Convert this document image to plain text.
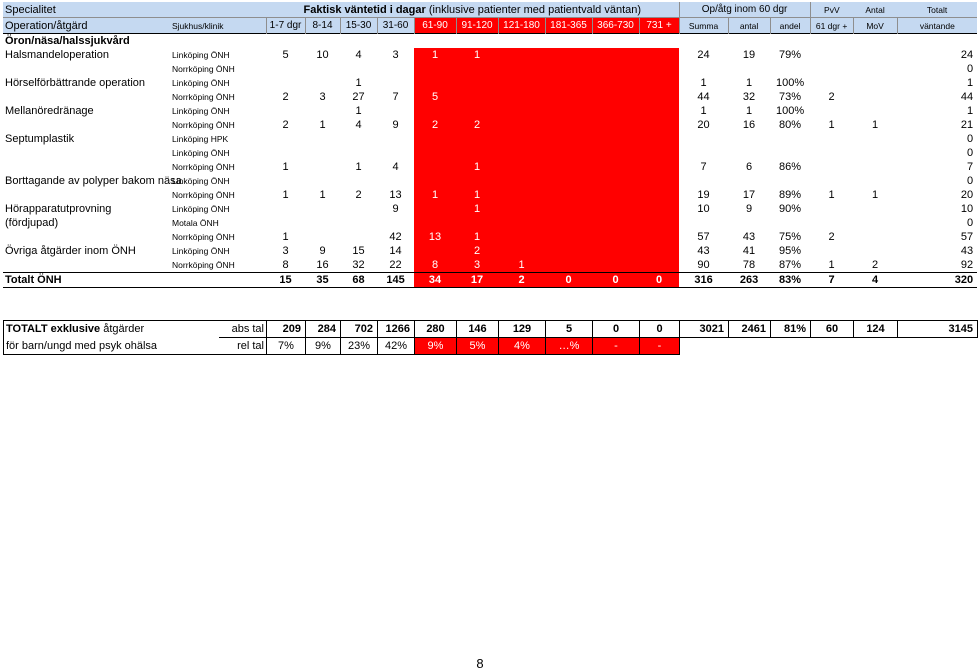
Specialitet		Faktisk väntetid i dagar (inklusive patienter med patientvald väntan)										Op/åtg inom 60 dgr			PvV	Antal	Totalt
Operation/åtgärd	Sjukhus/klinik	1-7 dgr	8-14	15-30	31-60	61-90	91-120	121-180	181-365	366-730	731 +	Summa	antal	andel	61 dgr +	MoV	väntande
Öron/näsa/halssjukvård																	
Halsmandeloperation	Linköping ÖNH	5	10	4	3	1	1					24	19	79%			24
	Norrköping ÖNH																0
Hörselförbättrande operation	Linköping ÖNH			1								1	1	100%			1
	Norrköping ÖNH	2	3	27	7	5						44	32	73%	2		44
Mellanöredränage	Linköping ÖNH			1								1	1	100%			1
	Norrköping ÖNH	2	1	4	9	2	2					20	16	80%	1	1	21
Septumplastik	Linköping HPK																0
	Linköping ÖNH																0
	Norrköping ÖNH	1		1	4		1					7	6	86%			7
Borttagande av polyper bakom näsa	Linköping ÖNH																0
	Norrköping ÖNH	1	1	2	13	1	1					19	17	89%	1	1	20
Hörapparatutprovning	Linköping ÖNH				9		1					10	9	90%			10
(fördjupad)	Motala ÖNH																0
	Norrköping ÖNH	1			42	13	1					57	43	75%	2		57
Övriga åtgärder inom ÖNH	Linköping ÖNH	3	9	15	14		2					43	41	95%			43
	Norrköping ÖNH	8	16	32	22	8	3	1				90	78	87%	1	2	92
Totalt ÖNH		15	35	68	145	34	17	2	0	0	0	316	263	83%	7	4	320
TOTALT exklusive åtgärder	abs tal	209	284	702	1266	280	146	129	5	0	0	3021	2461	81%	60	124	3145
för barn/ungd med psyk ohälsa	rel tal	7%	9%	23%	42%	9%	5%	4%	…%	-	-						
8
